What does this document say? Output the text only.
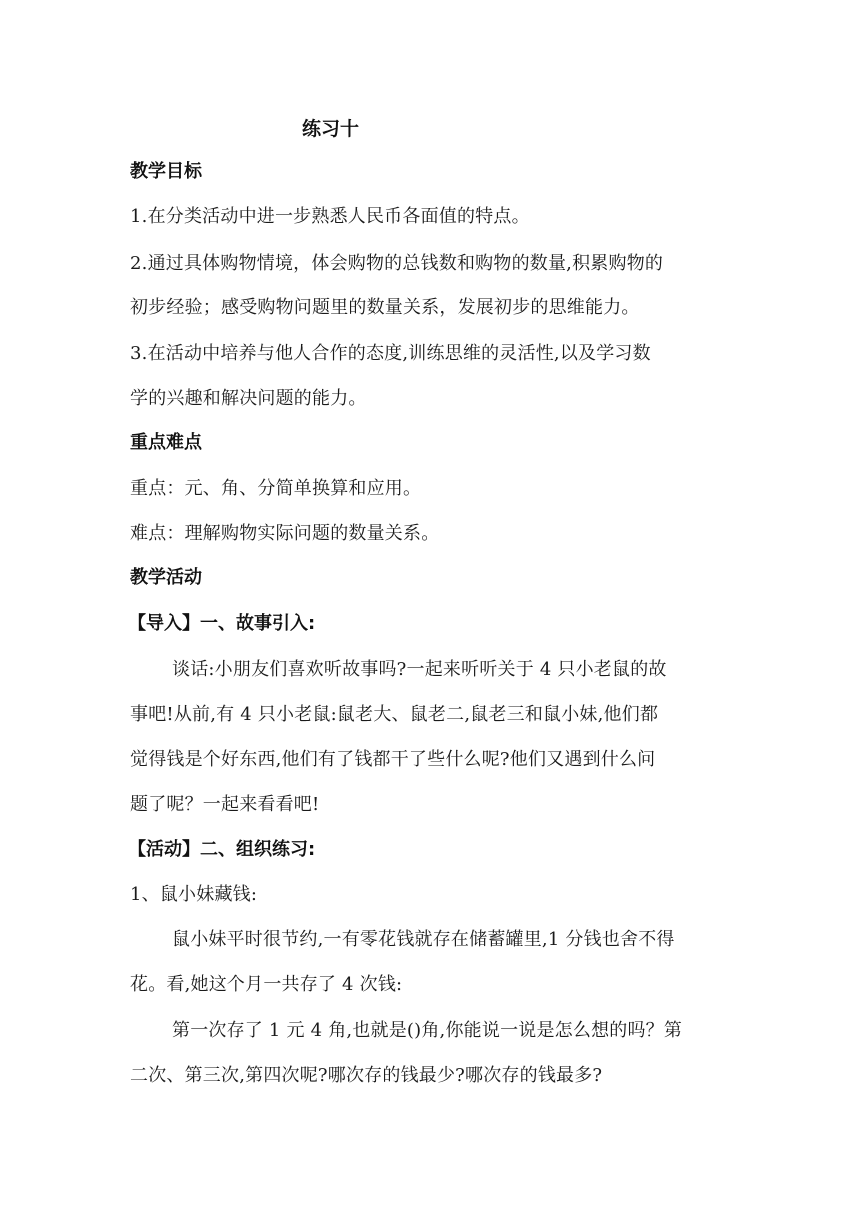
练习十
教学目标
1.在分类活动中进一步熟悉人民币各面值的特点。
2.通过具体购物情境，体会购物的总钱数和购物的数量,积累购物的
初步经验；感受购物问题里的数量关系，发展初步的思维能力。
3.在活动中培养与他人合作的态度,训练思维的灵活性,以及学习数
学的兴趣和解决问题的能力。
重点难点
重点：元、角、分简单换算和应用。
难点：理解购物实际问题的数量关系。
教学活动
【导入】一、故事引入:
谈话:小朋友们喜欢听故事吗?一起来听听关于 4 只小老鼠的故
事吧!从前,有 4 只小老鼠:鼠老大、鼠老二,鼠老三和鼠小妹,他们都
觉得钱是个好东西,他们有了钱都干了些什么呢?他们又遇到什么问
题了呢？一起来看看吧!
【活动】二、组织练习:
1、鼠小妹藏钱:
鼠小妹平时很节约,一有零花钱就存在储蓄罐里,1 分钱也舍不得
花。看,她这个月一共存了 4 次钱:
第一次存了 1 元 4 角,也就是()角,你能说一说是怎么想的吗？第
二次、第三次,第四次呢?哪次存的钱最少?哪次存的钱最多?
